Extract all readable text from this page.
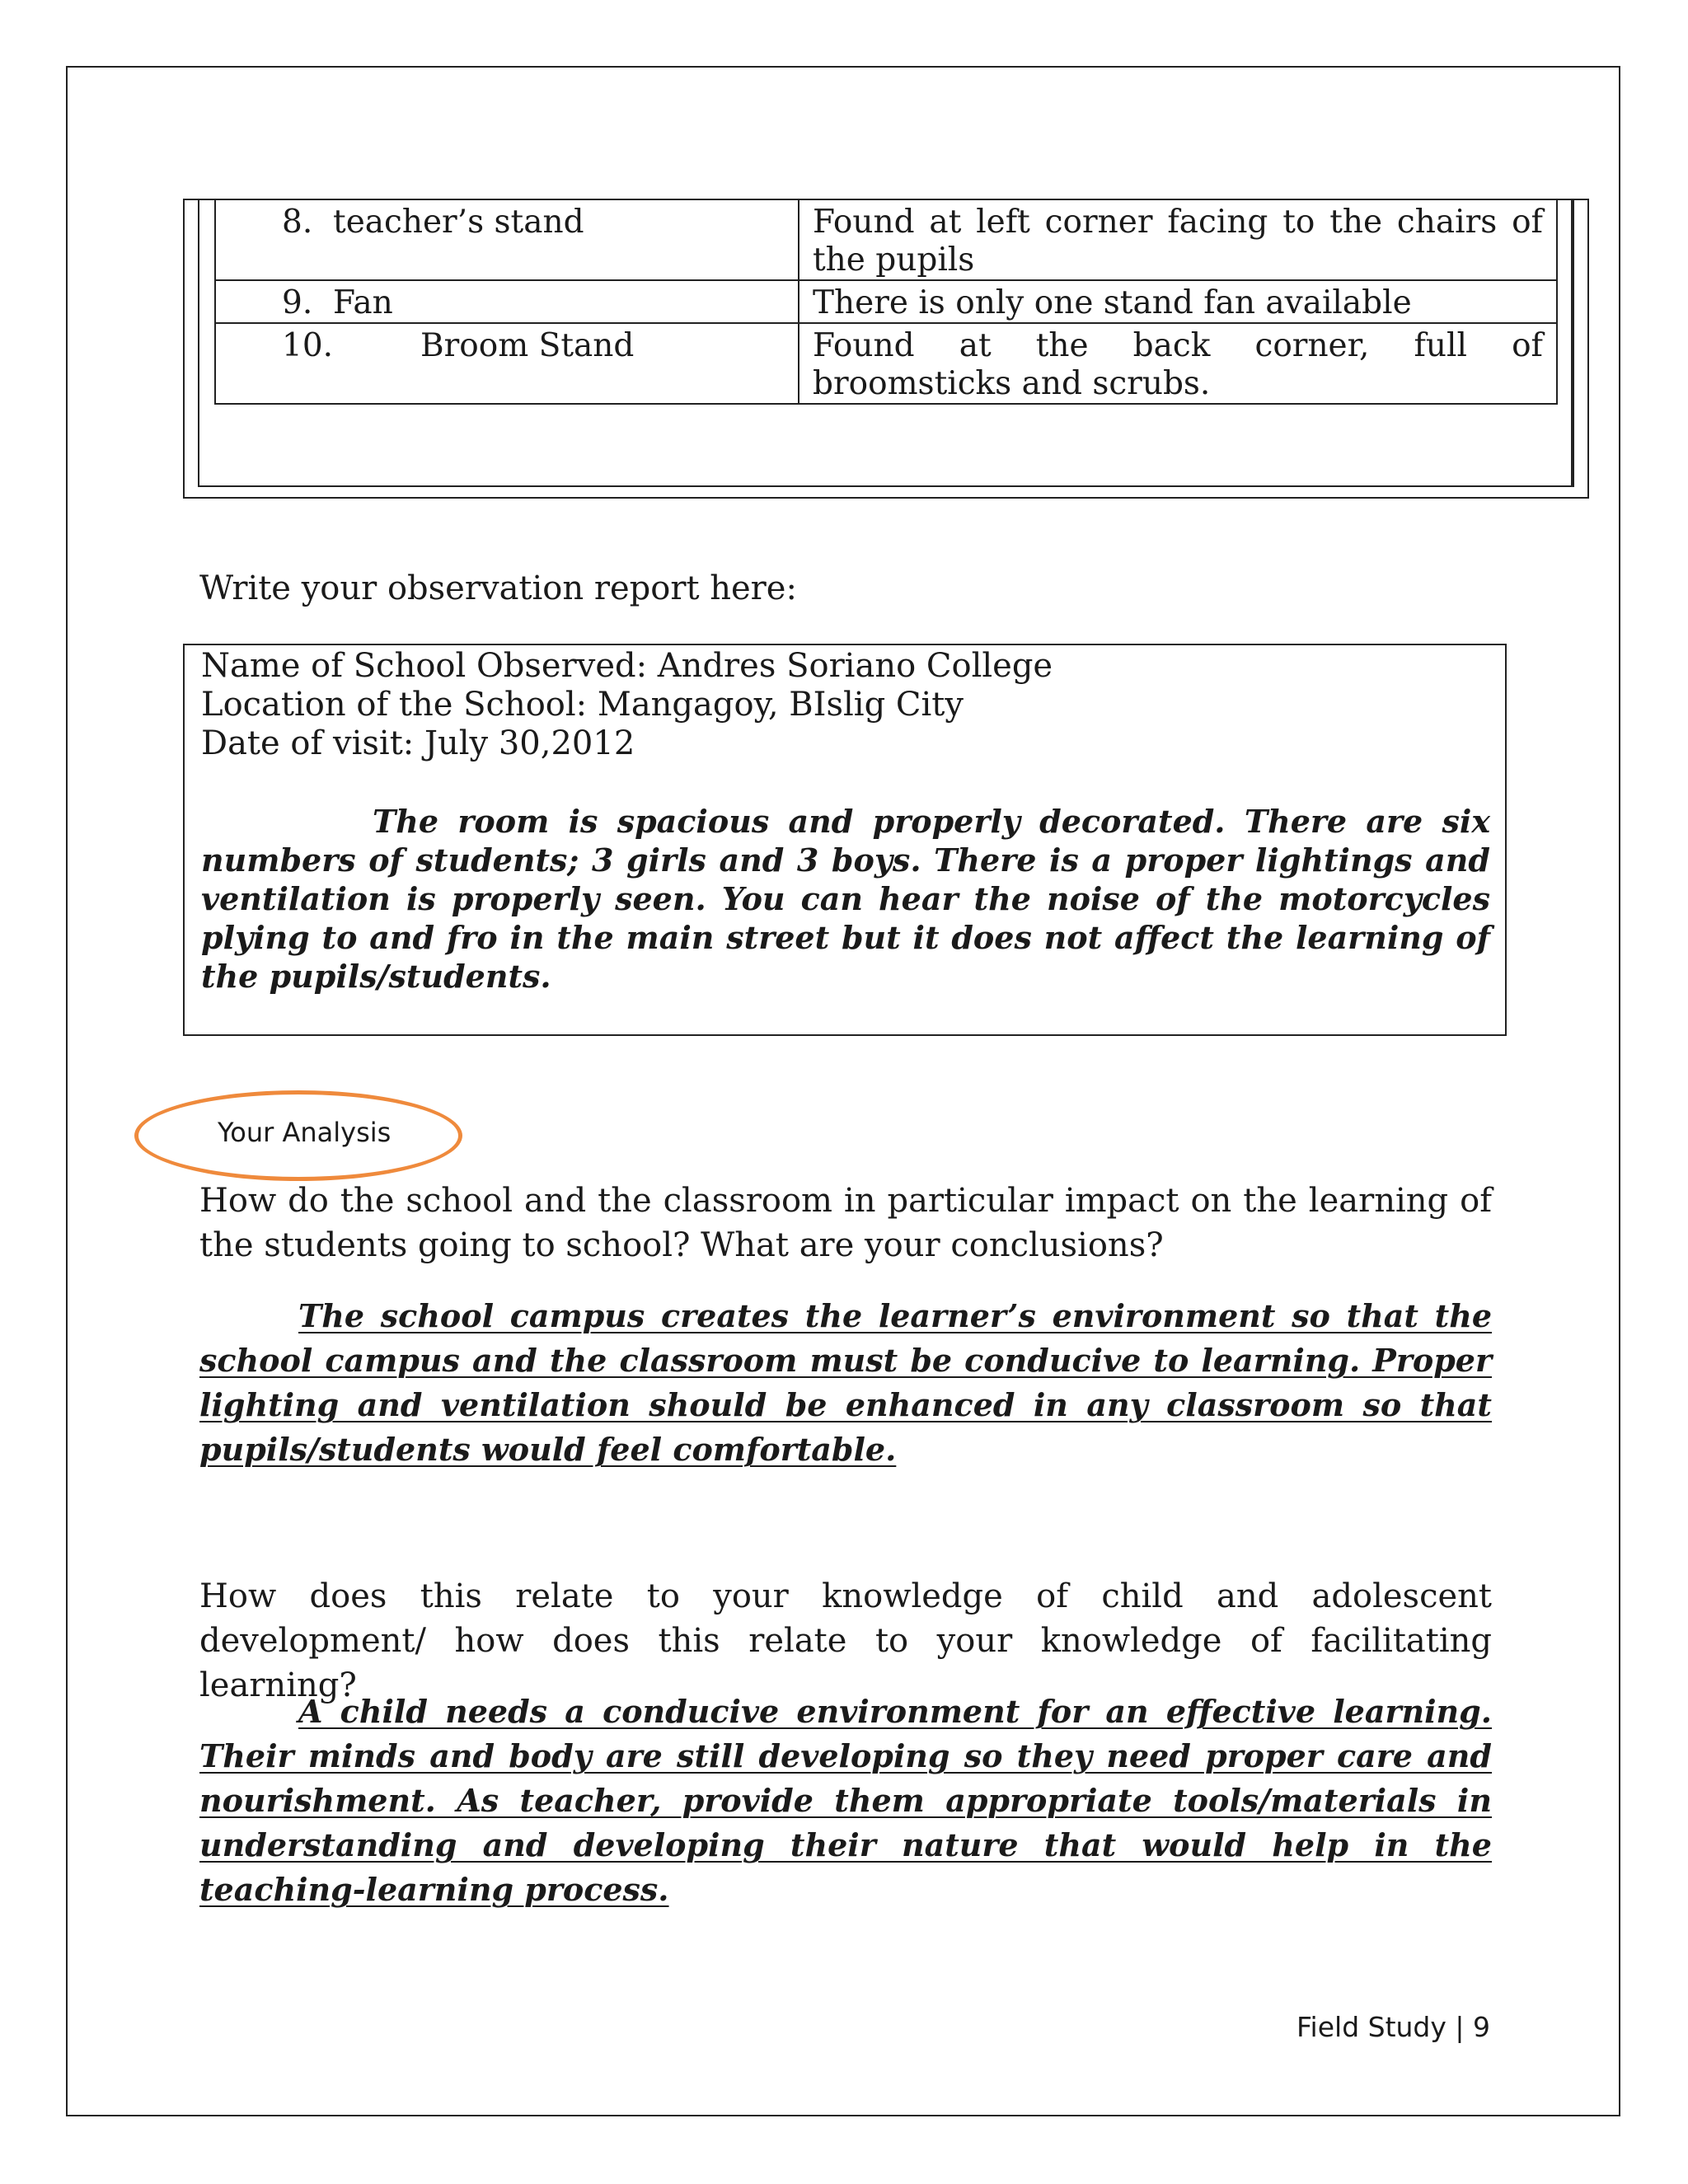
8. teacher’s stand	Found at left corner facing to the chairs of the pupils
9. Fan	There is only one stand fan available
10. Broom Stand	Found at the back corner, full of broomsticks and scrubs.
Write your observation report here:
Name of School Observed: Andres Soriano College
Location of the School: Mangagoy, BIslig City
Date of visit: July 30,2012
The room is spacious and properly decorated. There are six numbers of students; 3 girls and 3 boys. There is a proper lightings and ventilation is properly seen. You can hear the noise of the motorcycles plying to and fro in the main street but it does not affect the learning of the pupils/students.
Your Analysis
How do the school and the classroom in particular impact on the learning of the students going to school? What are your conclusions?
The school campus creates the learner’s environment so that the school campus and the classroom must be conducive to learning. Proper lighting and ventilation should be enhanced in any classroom so that pupils/students would feel comfortable.
How does this relate to your knowledge of child and adolescent development/ how does this relate to your knowledge of facilitating learning?
A child needs a conducive environment for an effective learning. Their minds and body are still developing so they need proper care and nourishment. As teacher, provide them appropriate tools/materials in understanding and developing their nature that would help in the teaching-learning process.
Field Study | 9
